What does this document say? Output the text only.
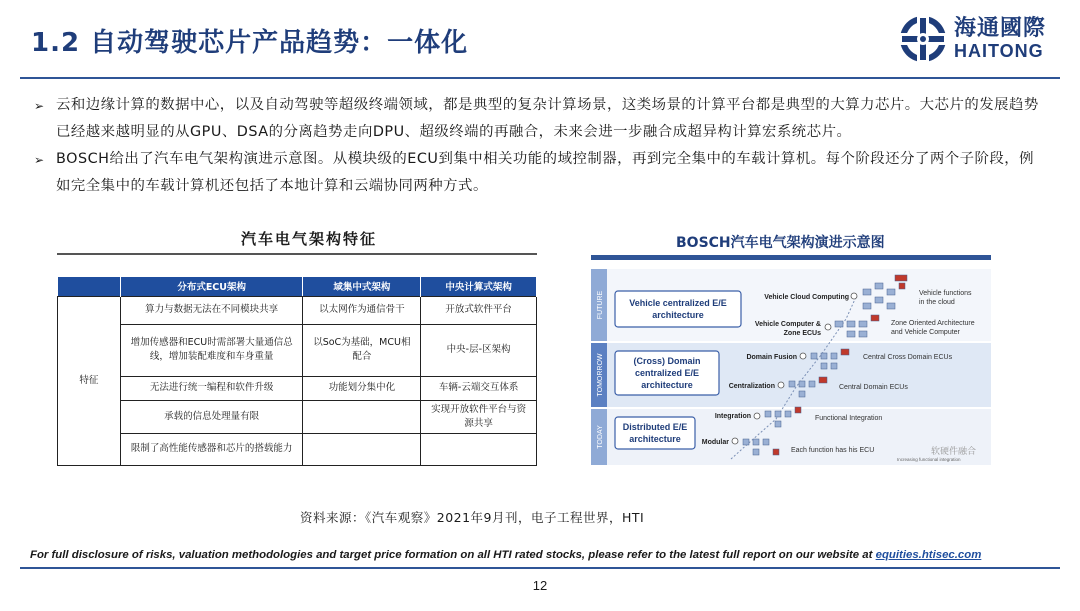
1.2 自动驾驶芯片产品趋势：一体化	海通國際
HAITONG
➢ 云和边缘计算的数据中心，以及自动驾驶等超级终端领域，都是典型的复杂计算场景，这类场景的计算平台都是典型的大算力芯片。大芯片的发展趋势已经越来越明显的从GPU、DSA的分离趋势走向DPU、超级终端的再融合，未来会进一步融合成超异构计算宏系统芯片。
➢ BOSCH给出了汽车电气架构演进示意图。从模块级的ECU到集中相关功能的域控制器，再到完全集中的车载计算机。每个阶段还分了两个子阶段，例如完全集中的车载计算机还包括了本地计算和云端协同两种方式。
汽车电气架构特征
	分布式ECU架构	域集中式架构	中央计算式架构
特征	算力与数据无法在不同模块共享	以太网作为通信骨干	开放式软件平台
	增加传感器和ECU时需部署大量通信总线，增加装配难度和车身重量	以SoC为基础，MCU相配合	中央-层-区架构
	无法进行统一编程和软件升级	功能划分集中化	车辆-云端交互体系
	承载的信息处理量有限		实现开放软件平台与资源共享
	限制了高性能传感器和芯片的搭载能力		
BOSCH汽车电气架构演进示意图
FUTURE
TOMORROW
TODAY
Vehicle centralized E/E
architecture
(Cross) Domain
centralized E/E
architecture
Distributed E/E
architecture
Vehicle Cloud Computing
Vehicle Computer &
Zone ECUs
Domain Fusion
Centralization
Integration
Modular
Vehicle functions
in the cloud
Zone Oriented Architecture
and Vehicle Computer
Central Cross Domain ECUs
Central Domain ECUs
Functional Integration
Each function has his ECU
Increasing functional integration
软硬件融合
资料来源：《汽车观察》2021年9月刊，电子工程世界，HTI
For full disclosure of risks, valuation methodologies and target price formation on all HTI rated stocks, please refer to the latest full report on our website at equities.htisec.com
12
